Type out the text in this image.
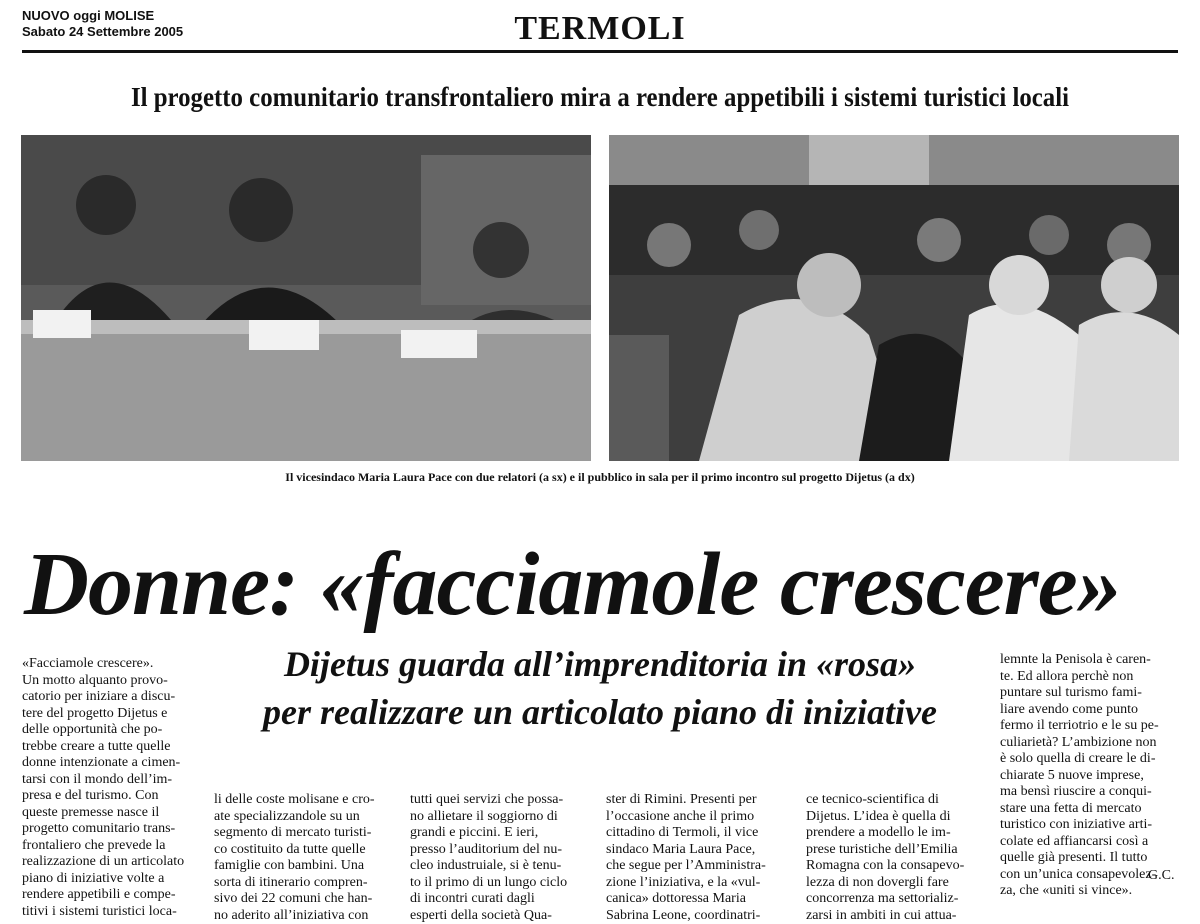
NUOVO oggi MOLISE
Sabato 24 Settembre 2005	TERMOLI
Il progetto comunitario transfrontaliero mira a rendere appetibili i sistemi turistici locali
Il vicesindaco Maria Laura Pace con due relatori (a sx) e il pubblico in sala per il primo incontro sul progetto Dijetus (a dx)
Donne: «facciamole crescere»
Dijetus guarda all’imprenditoria in «rosa»
per realizzare un articolato piano di iniziative
«Facciamole crescere».
Un motto alquanto provo-
catorio per iniziare a discu-
tere del progetto Dijetus e
delle opportunità che po-
trebbe creare a tutte quelle
donne intenzionate a cimen-
tarsi con il mondo dell’im-
presa e del turismo. Con
queste premesse nasce il
progetto comunitario trans-
frontaliero che prevede la
realizzazione di un articolato
piano di iniziative volte a
rendere appetibili e compe-
titivi i sistemi turistici loca-
li delle coste molisane e cro-
ate specializzandole su un
segmento di mercato turisti-
co costituito da tutte quelle
famiglie con bambini. Una
sorta di itinerario compren-
sivo dei 22 comuni che han-
no aderito all’iniziativa con
tutti quei servizi che possa-
no allietare il soggiorno di
grandi e piccini. E ieri,
presso l’auditorium del nu-
cleo industruiale, si è tenu-
to il primo di un lungo ciclo
di incontri curati dagli
esperti della società Qua-
ster di Rimini. Presenti per
l’occasione anche il primo
cittadino di Termoli, il vice
sindaco Maria Laura Pace,
che segue per l’Amministra-
zione l’iniziativa, e la «vul-
canica» dottoressa Maria
Sabrina Leone, coordinatri-
ce tecnico-scientifica di
Dijetus. L’idea è quella di
prendere a modello le im-
prese turistiche dell’Emilia
Romagna con la consapevo-
lezza di non dovergli fare
concorrenza ma settorializ-
zarsi in ambiti in cui attua-
lemnte la Penisola è caren-
te. Ed allora perchè non
puntare sul turismo fami-
liare avendo come punto
fermo il terriotrio e le su pe-
culiarietà? L’ambizione non
è solo quella di creare le di-
chiarate 5 nuove imprese,
ma bensì riuscire a conqui-
stare una fetta di mercato
turistico con iniziative arti-
colate ed affiancarsi così a
quelle già presenti. Il tutto
con un’unica consapevolez-
za, che «uniti si vince».
G.C.
